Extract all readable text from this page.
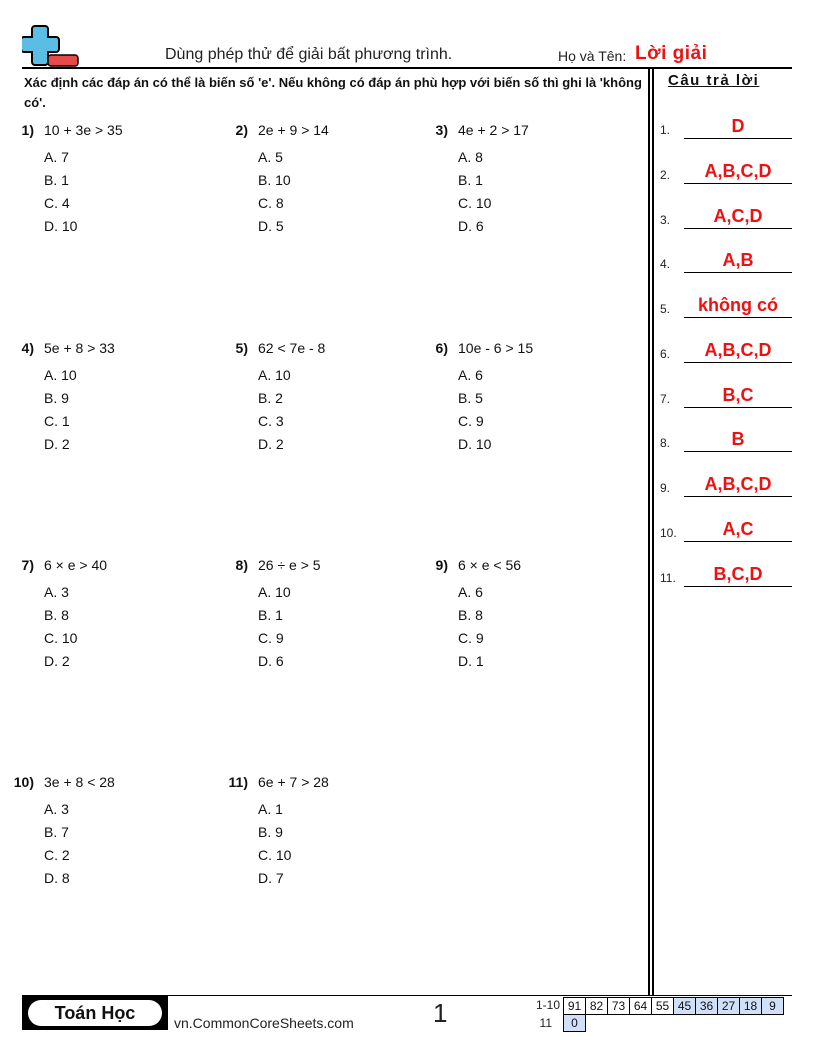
Dùng phép thử để giải bất phương trình.	Họ và Tên: Lời giải
Xác định các đáp án có thể là biến số 'e'. Nếu không có đáp án phù hợp với biến số thì ghi là 'không có'.
Câu trả lời
1.	D
2.	A,B,C,D
3.	A,C,D
4.	A,B
5.	không có
6.	A,B,C,D
7.	B,C
8.	B
9.	A,B,C,D
10.	A,C
11.	B,C,D
1) 10 + 3e > 35
A. 7
B. 1
C. 4
D. 10
2) 2e + 9 > 14
A. 5
B. 10
C. 8
D. 5
3) 4e + 2 > 17
A. 8
B. 1
C. 10
D. 6
4) 5e + 8 > 33
A. 10
B. 9
C. 1
D. 2
5) 62 < 7e - 8
A. 10
B. 2
C. 3
D. 2
6) 10e - 6 > 15
A. 6
B. 5
C. 9
D. 10
7) 6 × e > 40
A. 3
B. 8
C. 10
D. 2
8) 26 ÷ e > 5
A. 10
B. 1
C. 9
D. 6
9) 6 × e < 56
A. 6
B. 8
C. 9
D. 1
10) 3e + 8 < 28
A. 3
B. 7
C. 2
D. 8
11) 6e + 7 > 28
A. 1
B. 9
C. 10
D. 7
Toán Học	vn.CommonCoreSheets.com	1	1-10 91 82 73 64 55 45 36 27 18 9
11	0
